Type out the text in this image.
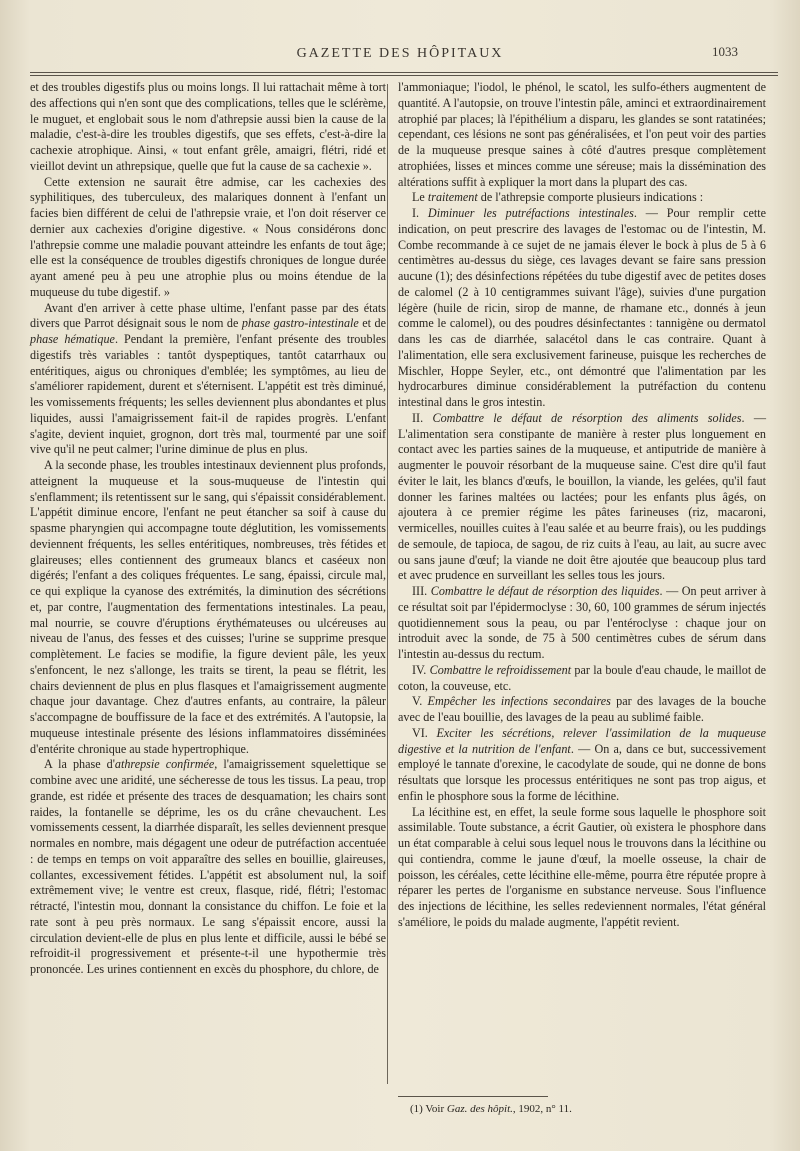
GAZETTE DES HÔPITAUX	1033

et des troubles digestifs plus ou moins longs. Il lui rattachait même à tort des affections qui n'en sont que des complications, telles que le sclérème, le muguet, et englobait sous le nom d'athrepsie aussi bien la cause de la maladie, c'est-à-dire les troubles digestifs, que ses effets, c'est-à-dire la cachexie atrophique. Ainsi, « tout enfant grêle, amaigri, flétri, ridé et vieillot devint un athrepsique, quelle que fut la cause de sa cachexie ».

Cette extension ne saurait être admise, car les cachexies des syphilitiques, des tuberculeux, des malariques donnent à l'enfant un facies bien différent de celui de l'athrepsie vraie, et l'on doit réserver ce dernier aux cachexies d'origine digestive. « Nous considérons donc l'athrepsie comme une maladie pouvant atteindre les enfants de tout âge; elle est la conséquence de troubles digestifs chroniques de longue durée ayant amené peu à peu une atrophie plus ou moins étendue de la muqueuse du tube digestif. »

Avant d'en arriver à cette phase ultime, l'enfant passe par des états divers que Parrot désignait sous le nom de phase gastro-intestinale et de phase hématique. Pendant la première, l'enfant présente des troubles digestifs très variables : tantôt dyspeptiques, tantôt catarrhaux ou entéritiques, aigus ou chroniques d'emblée; les symptômes, au lieu de s'améliorer rapidement, durent et s'éternisent. L'appétit est très diminué, les vomissements fréquents; les selles deviennent plus abondantes et plus liquides, aussi l'amaigrissement fait-il de rapides progrès. L'enfant s'agite, devient inquiet, grognon, dort très mal, tourmenté par une soif vive qu'il ne peut calmer; l'urine diminue de plus en plus.

A la seconde phase, les troubles intestinaux deviennent plus profonds, atteignent la muqueuse et la sous-muqueuse de l'intestin qui s'enflamment; ils retentissent sur le sang, qui s'épaissit considérablement. L'appétit diminue encore, l'enfant ne peut étancher sa soif à cause du spasme pharyngien qui accompagne toute déglutition, les vomissements deviennent fréquents, les selles entéritiques, nombreuses, très fétides et glaireuses; elles contiennent des grumeaux blancs et caséeux non digérés; l'enfant a des coliques fréquentes. Le sang, épaissi, circule mal, ce qui explique la cyanose des extrémités, la diminution des sécrétions et, par contre, l'augmentation des fermentations intestinales. La peau, mal nourrie, se couvre d'éruptions érythémateuses ou ulcéreuses au niveau de l'anus, des fesses et des cuisses; l'urine se supprime presque complètement. Le facies se modifie, la figure devient pâle, les yeux s'enfoncent, le nez s'allonge, les traits se tirent, la peau se flétrit, les chairs deviennent de plus en plus flasques et l'amaigrissement augmente chaque jour davantage. Chez d'autres enfants, au contraire, la pâleur s'accompagne de bouffissure de la face et des extrémités. A l'autopsie, la muqueuse intestinale présente des lésions inflammatoires disséminées d'entérite chronique au stade hypertrophique.

A la phase d'athrepsie confirmée, l'amaigrissement squelettique se combine avec une aridité, une sécheresse de tous les tissus. La peau, trop grande, est ridée et présente des traces de desquamation; les chairs sont raides, la fontanelle se déprime, les os du crâne chevauchent. Les vomissements cessent, la diarrhée disparaît, les selles deviennent presque normales en nombre, mais dégagent une odeur de putréfaction accentuée : de temps en temps on voit apparaître des selles en bouillie, glaireuses, collantes, excessivement fétides. L'appétit est absolument nul, la soif extrêmement vive; le ventre est creux, flasque, ridé, flétri; l'estomac rétracté, l'intestin mou, donnant la consistance du chiffon. Le foie et la rate sont à peu près normaux. Le sang s'épaissit encore, aussi la circulation devient-elle de plus en plus lente et difficile, aussi le bébé se refroidit-il progressivement et présente-t-il une hypothermie très prononcée. Les urines contiennent en excès du phosphore, du chlore, de

l'ammoniaque; l'iodol, le phénol, le scatol, les sulfo-éthers augmentent de quantité. A l'autopsie, on trouve l'intestin pâle, aminci et extraordinairement atrophié par places; là l'épithélium a disparu, les glandes se sont ratatinées; cependant, ces lésions ne sont pas généralisées, et l'on peut voir des parties de la muqueuse presque saines à côté d'autres presque complètement atrophiées, lisses et minces comme une séreuse; mais la dissémination des altérations suffit à expliquer la mort dans la plupart des cas.

Le traitement de l'athrepsie comporte plusieurs indications :

I. Diminuer les putréfactions intestinales. — Pour remplir cette indication, on peut prescrire des lavages de l'estomac ou de l'intestin, M. Combe recommande à ce sujet de ne jamais élever le bock à plus de 5 à 6 centimètres au-dessus du siège, ces lavages devant se faire sans pression aucune (1); des désinfections répétées du tube digestif avec de petites doses de calomel (2 à 10 centigrammes suivant l'âge), suivies d'une purgation légère (huile de ricin, sirop de manne, de rhamane etc., donnés à jeun comme le calomel), ou des poudres désinfectantes : tannigène ou dermatol dans les cas de diarrhée, salacétol dans le cas contraire. Quant à l'alimentation, elle sera exclusivement farineuse, puisque les recherches de Mischler, Hoppe Seyler, etc., ont démontré que l'alimentation par les hydrocarbures diminue considérablement la putréfaction du contenu intestinal dans le gros intestin.

II. Combattre le défaut de résorption des aliments solides. — L'alimentation sera constipante de manière à rester plus longuement en contact avec les parties saines de la muqueuse, et antiputride de manière à augmenter le pouvoir résorbant de la muqueuse saine. C'est dire qu'il faut éviter le lait, les blancs d'œufs, le bouillon, la viande, les gelées, qu'il faut donner les farines maltées ou lactées; pour les enfants plus âgés, on ajoutera à ce premier régime les pâtes farineuses (riz, macaroni, vermicelles, nouilles cuites à l'eau salée et au beurre frais), ou les puddings de semoule, de tapioca, de sagou, de riz cuits à l'eau, au lait, au sucre avec ou sans jaune d'œuf; la viande ne doit être ajoutée que beaucoup plus tard et avec prudence en surveillant les selles tous les jours.

III. Combattre le défaut de résorption des liquides. — On peut arriver à ce résultat soit par l'épidermoclyse : 30, 60, 100 grammes de sérum injectés quotidiennement sous la peau, ou par l'entéroclyse : chaque jour on introduit avec la sonde, de 75 à 500 centimètres cubes de sérum dans l'intestin au-dessus du rectum.

IV. Combattre le refroidissement par la boule d'eau chaude, le maillot de coton, la couveuse, etc.

V. Empêcher les infections secondaires par des lavages de la bouche avec de l'eau bouillie, des lavages de la peau au sublimé faible.

VI. Exciter les sécrétions, relever l'assimilation de la muqueuse digestive et la nutrition de l'enfant. — On a, dans ce but, successivement employé le tannate d'orexine, le cacodylate de soude, qui ne donne de bons résultats que lorsque les processus entéritiques ne sont pas trop aigus, et enfin le phosphore sous la forme de lécithine.

La lécithine est, en effet, la seule forme sous laquelle le phosphore soit assimilable. Toute substance, a écrit Gautier, où existera le phosphore dans un état comparable à celui sous lequel nous le trouvons dans la lécithine ou qui contiendra, comme le jaune d'œuf, la moelle osseuse, la chair de poisson, les céréales, cette lécithine elle-même, pourra être réputée propre à réparer les pertes de l'organisme en substance nerveuse. Sous l'influence des injections de lécithine, les selles redeviennent normales, l'état général s'améliore, le poids du malade augmente, l'appétit revient.

(1) Voir Gaz. des hôpit., 1902, n° 11.
